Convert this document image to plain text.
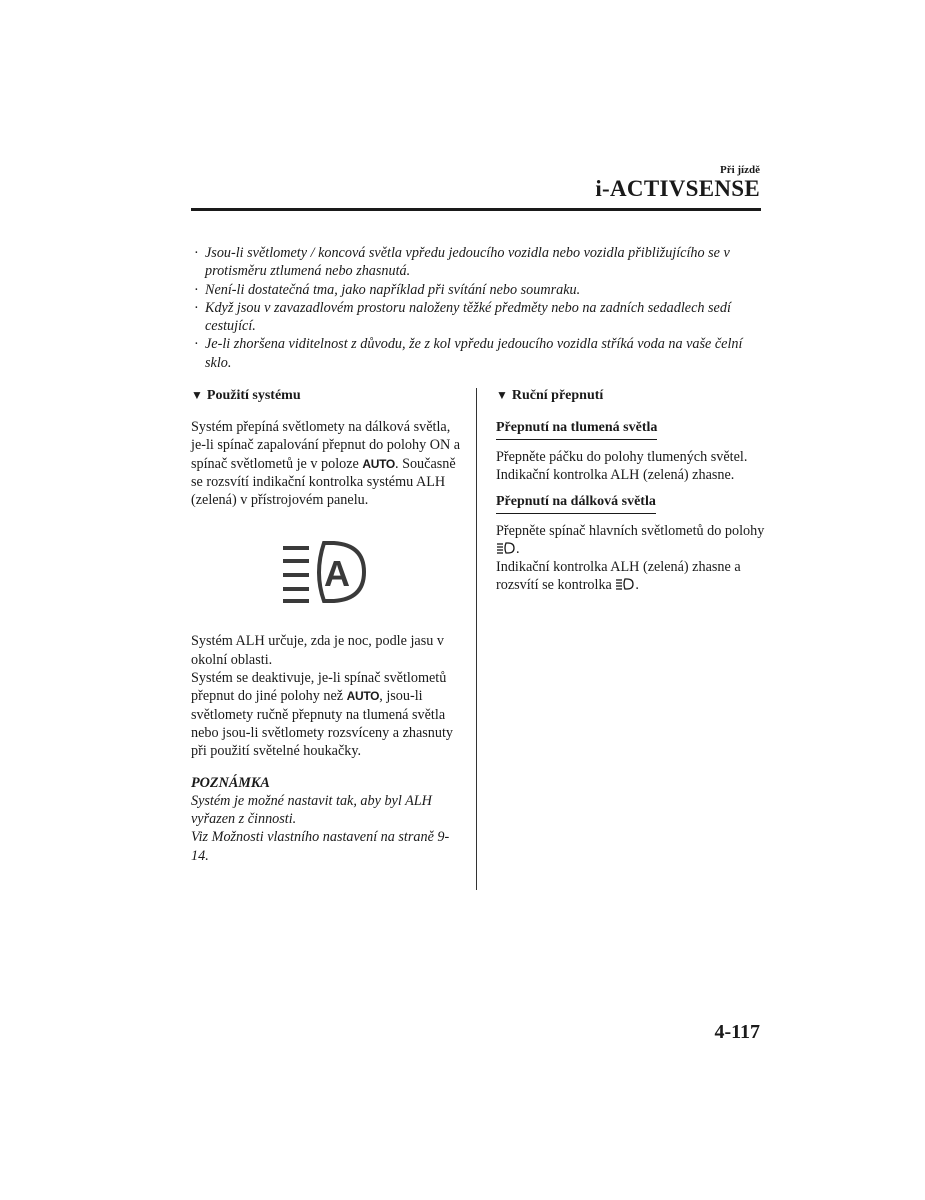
Při jízdě
i-ACTIVSENSE
· Jsou-li světlomety / koncová světla vpředu jedoucího vozidla nebo vozidla přibližujícího se v protisměru ztlumená nebo zhasnutá.
· Není-li dostatečná tma, jako například při svítání nebo soumraku.
· Když jsou v zavazadlovém prostoru naloženy těžké předměty nebo na zadních sedadlech sedí cestující.
· Je-li zhoršena viditelnost z důvodu, že z kol vpředu jedoucího vozidla stříká voda na vaše čelní sklo.

▼ Použití systému

Systém přepíná světlomety na dálková světla, je-li spínač zapalování přepnut do polohy ON a spínač světlometů je v poloze AUTO. Současně se rozsvítí indikační kontrolka systému ALH (zelená) v přístrojovém panelu.

A

Systém ALH určuje, zda je noc, podle jasu v okolní oblasti.

Systém se deaktivuje, je-li spínač světlometů přepnut do jiné polohy než AUTO, jsou-li světlomety ručně přepnuty na tlumená světla nebo jsou-li světlomety rozsvíceny a zhasnuty při použití světelné houkačky.

POZNÁMKA

Systém je možné nastavit tak, aby byl ALH vyřazen z činnosti.

Viz Možnosti vlastního nastavení na straně 9-14.

▼ Ruční přepnutí

Přepnutí na tlumená světla

Přepněte páčku do polohy tlumených světel.

Indikační kontrolka ALH (zelená) zhasne.

Přepnutí na dálková světla

Přepněte spínač hlavních světlometů do polohy .

Indikační kontrolka ALH (zelená) zhasne a rozsvítí se kontrolka .

4-117
